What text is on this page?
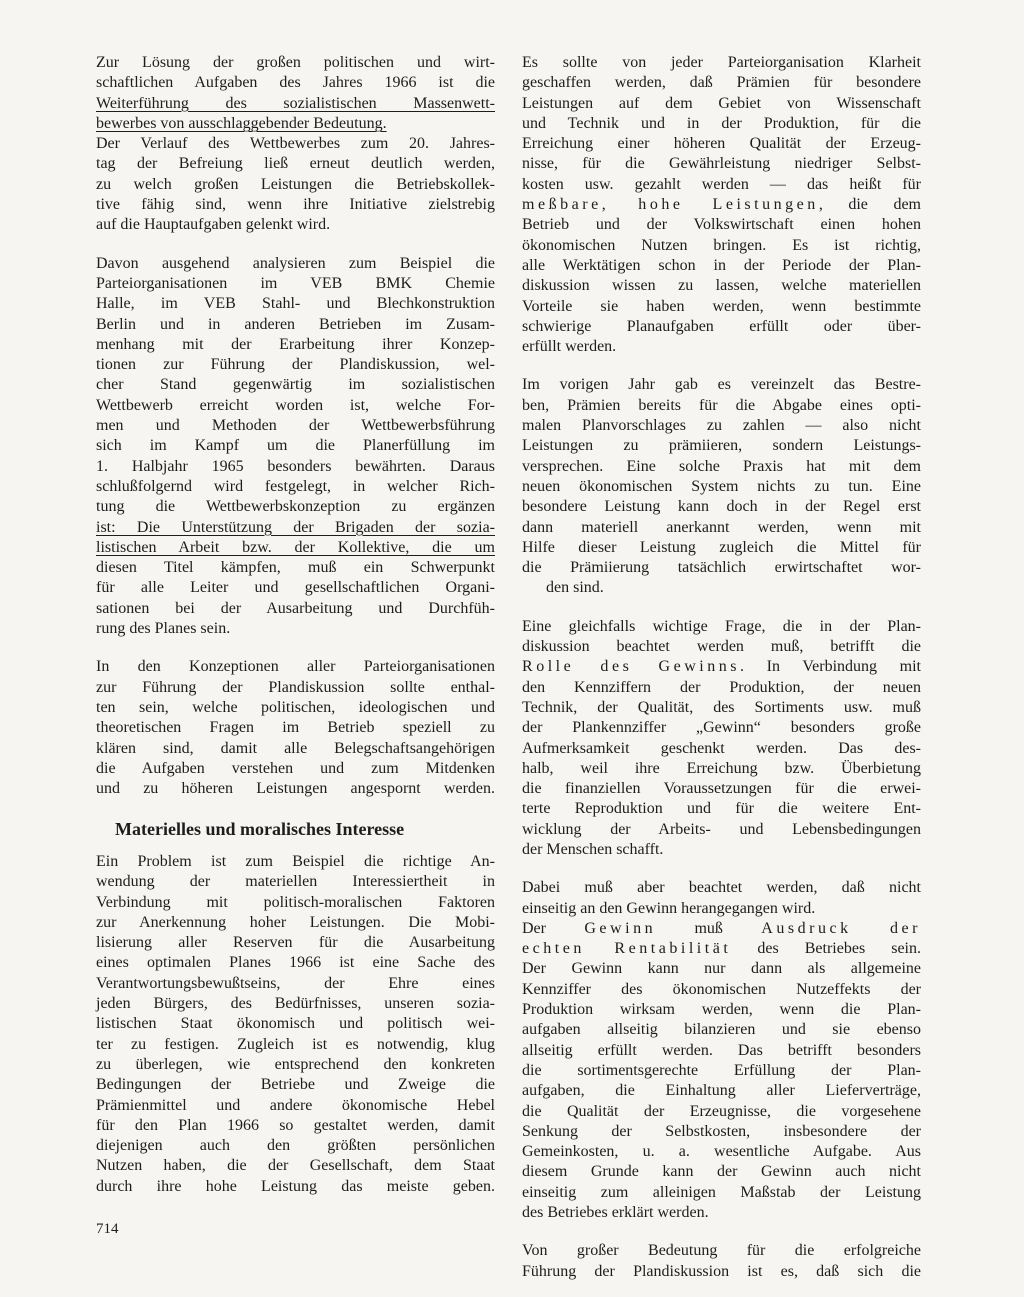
Zur Lösung der großen politischen und wirt-

schaftlichen Aufgaben des Jahres 1966 ist die

Weiterführung des sozialistischen Massenwett-

bewerbes von ausschlaggebender Bedeutung.

Der Verlauf des Wettbewerbes zum 20. Jahres-

tag der Befreiung ließ erneut deutlich werden,

zu welch großen Leistungen die Betriebskollek-

tive fähig sind, wenn ihre Initiative zielstrebig

auf die Hauptaufgaben gelenkt wird.

Davon ausgehend analysieren zum Beispiel die

Parteiorganisationen im VEB BMK Chemie

Halle, im VEB Stahl- und Blechkonstruktion

Berlin und in anderen Betrieben im Zusam-

menhang mit der Erarbeitung ihrer Konzep-

tionen zur Führung der Plandiskussion, wel-

cher Stand gegenwärtig im sozialistischen

Wettbewerb erreicht worden ist, welche For-

men und Methoden der Wettbewerbsführung

sich im Kampf um die Planerfüllung im

1. Halbjahr 1965 besonders bewährten. Daraus

schlußfolgernd wird festgelegt, in welcher Rich-

tung die Wettbewerbskonzeption zu ergänzen

ist: Die Unterstützung der Brigaden der sozia-

listischen Arbeit bzw. der Kollektive, die um

diesen Titel kämpfen, muß ein Schwerpunkt

für alle Leiter und gesellschaftlichen Organi-

sationen bei der Ausarbeitung und Durchfüh-

rung des Planes sein.

In den Konzeptionen aller Parteiorganisationen

zur Führung der Plandiskussion sollte enthal-

ten sein, welche politischen, ideologischen und

theoretischen Fragen im Betrieb speziell zu

klären sind, damit alle Belegschaftsangehörigen

die Aufgaben verstehen und zum Mitdenken

und zu höheren Leistungen angespornt werden.

Materielles und moralisches Interesse

Ein Problem ist zum Beispiel die richtige An-

wendung der materiellen Interessiertheit in

Verbindung mit politisch-moralischen Faktoren

zur Anerkennung hoher Leistungen. Die Mobi-

lisierung aller Reserven für die Ausarbeitung

eines optimalen Planes 1966 ist eine Sache des

Verantwortungsbewußtseins, der Ehre eines

jeden Bürgers, des Bedürfnisses, unseren sozia-

listischen Staat ökonomisch und politisch wei-

ter zu festigen. Zugleich ist es notwendig, klug

zu überlegen, wie entsprechend den konkreten

Bedingungen der Betriebe und Zweige die

Prämienmittel und andere ökonomische Hebel

für den Plan 1966 so gestaltet werden, damit

diejenigen auch den größten persönlichen

Nutzen haben, die der Gesellschaft, dem Staat

durch ihre hohe Leistung das meiste geben.

714

Es sollte von jeder Parteiorganisation Klarheit

geschaffen werden, daß Prämien für besondere

Leistungen auf dem Gebiet von Wissenschaft

und Technik und in der Produktion, für die

Erreichung einer höheren Qualität der Erzeug-

nisse, für die Gewährleistung niedriger Selbst-

kosten usw. gezahlt werden — das heißt für

meßbare, hohe Leistungen, die dem

Betrieb und der Volkswirtschaft einen hohen

ökonomischen Nutzen bringen. Es ist richtig,

alle Werktätigen schon in der Periode der Plan-

diskussion wissen zu lassen, welche materiellen

Vorteile sie haben werden, wenn bestimmte

schwierige Planaufgaben erfüllt oder über-

erfüllt werden.

Im vorigen Jahr gab es vereinzelt das Bestre-

ben, Prämien bereits für die Abgabe eines opti-

malen Planvorschlages zu zahlen — also nicht

Leistungen zu prämiieren, sondern Leistungs-

versprechen. Eine solche Praxis hat mit dem

neuen ökonomischen System nichts zu tun. Eine

besondere Leistung kann doch in der Regel erst

dann materiell anerkannt werden, wenn mit

Hilfe dieser Leistung zugleich die Mittel für

die Prämiierung tatsächlich erwirtschaftet wor-

den sind.

Eine gleichfalls wichtige Frage, die in der Plan-

diskussion beachtet werden muß, betrifft die

Rolle des Gewinns. In Verbindung mit

den Kennziffern der Produktion, der neuen

Technik, der Qualität, des Sortiments usw. muß

der Plankennziffer „Gewinn“ besonders große

Aufmerksamkeit geschenkt werden. Das des-

halb, weil ihre Erreichung bzw. Überbietung

die finanziellen Voraussetzungen für die erwei-

terte Reproduktion und für die weitere Ent-

wicklung der Arbeits- und Lebensbedingungen

der Menschen schafft.

Dabei muß aber beachtet werden, daß nicht

einseitig an den Gewinn herangegangen wird.

Der Gewinn muß Ausdruck der

echten Rentabilität des Betriebes sein.

Der Gewinn kann nur dann als allgemeine

Kennziffer des ökonomischen Nutzeffekts der

Produktion wirksam werden, wenn die Plan-

aufgaben allseitig bilanzieren und sie ebenso

allseitig erfüllt werden. Das betrifft besonders

die sortimentsgerechte Erfüllung der Plan-

aufgaben, die Einhaltung aller Lieferverträge,

die Qualität der Erzeugnisse, die vorgesehene

Senkung der Selbstkosten, insbesondere der

Gemeinkosten, u. a. wesentliche Aufgabe. Aus

diesem Grunde kann der Gewinn auch nicht

einseitig zum alleinigen Maßstab der Leistung

des Betriebes erklärt werden.

Von großer Bedeutung für die erfolgreiche

Führung der Plandiskussion ist es, daß sich die
